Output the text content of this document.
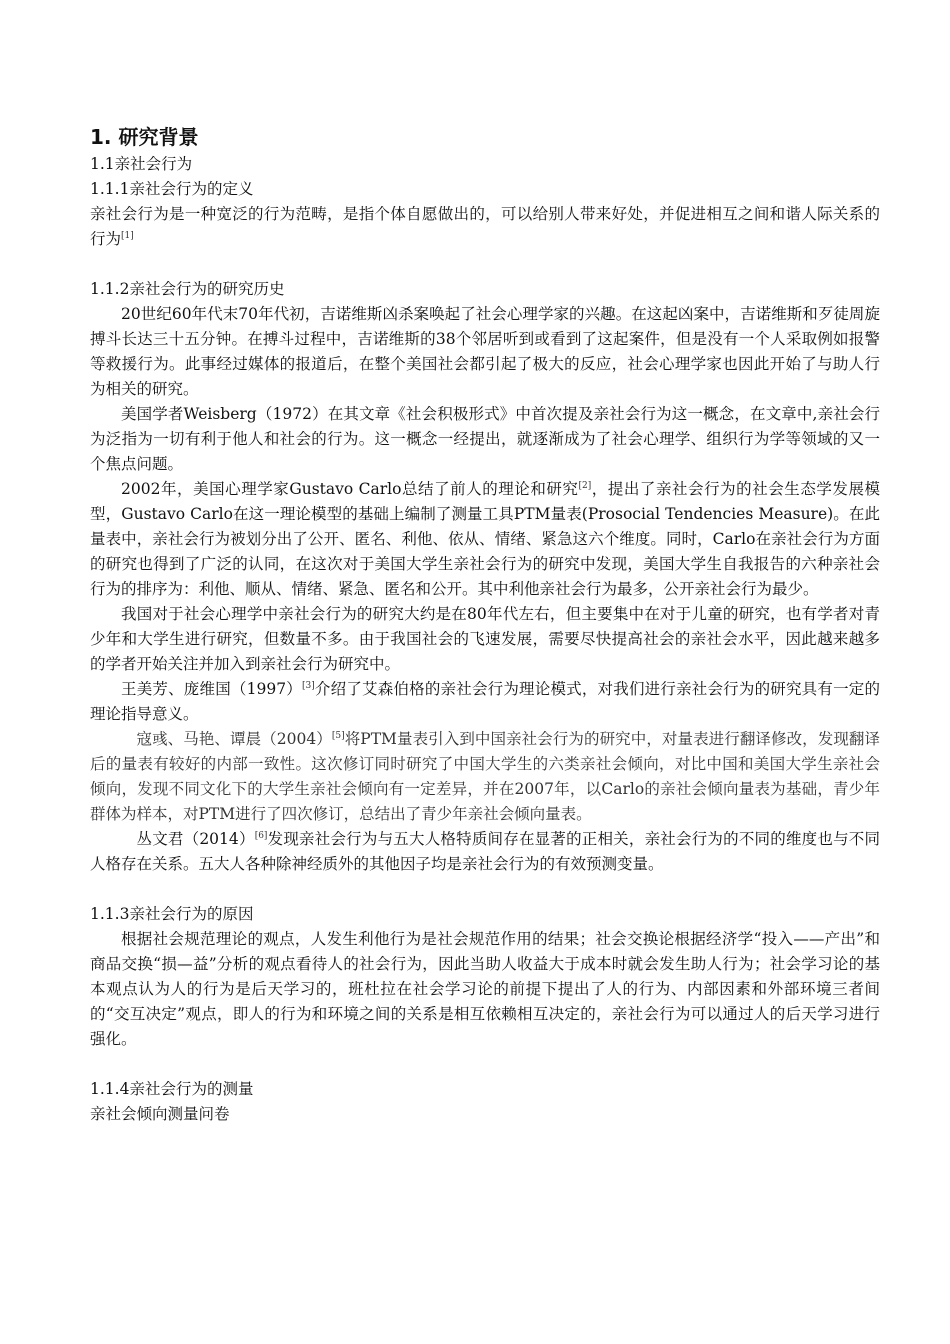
1. 研究背景
1.1亲社会行为
1.1.1亲社会行为的定义

亲社会行为是一种宽泛的行为范畴，是指个体自愿做出的，可以给别人带来好处，并促进相互之间和谐人际关系的行为[1]

1.1.2亲社会行为的研究历史

20世纪60年代末70年代初，吉诺维斯凶杀案唤起了社会心理学家的兴趣。在这起凶案中，吉诺维斯和歹徒周旋搏斗长达三十五分钟。在搏斗过程中，吉诺维斯的38个邻居听到或看到了这起案件，但是没有一个人采取例如报警等救援行为。此事经过媒体的报道后，在整个美国社会都引起了极大的反应，社会心理学家也因此开始了与助人行为相关的研究。

美国学者Weisberg（1972）在其文章《社会积极形式》中首次提及亲社会行为这一概念，在文章中,亲社会行为泛指为一切有利于他人和社会的行为。这一概念一经提出，就逐渐成为了社会心理学、组织行为学等领域的又一个焦点问题。

2002年，美国心理学家Gustavo Carlo总结了前人的理论和研究[2]，提出了亲社会行为的社会生态学发展模型，Gustavo Carlo在这一理论模型的基础上编制了测量工具PTM量表(Prosocial Tendencies Measure)。在此量表中，亲社会行为被划分出了公开、匿名、利他、依从、情绪、紧急这六个维度。同时，Carlo在亲社会行为方面的研究也得到了广泛的认同，在这次对于美国大学生亲社会行为的研究中发现，美国大学生自我报告的六种亲社会行为的排序为：利他、顺从、情绪、紧急、匿名和公开。其中利他亲社会行为最多，公开亲社会行为最少。

我国对于社会心理学中亲社会行为的研究大约是在80年代左右，但主要集中在对于儿童的研究，也有学者对青少年和大学生进行研究，但数量不多。由于我国社会的飞速发展，需要尽快提高社会的亲社会水平，因此越来越多的学者开始关注并加入到亲社会行为研究中。

王美芳、庞维国（1997）[3]介绍了艾森伯格的亲社会行为理论模式，对我们进行亲社会行为的研究具有一定的理论指导意义。

寇彧、马艳、谭晨（2004）[5]将PTM量表引入到中国亲社会行为的研究中，对量表进行翻译修改，发现翻译后的量表有较好的内部一致性。这次修订同时研究了中国大学生的六类亲社会倾向，对比中国和美国大学生亲社会倾向，发现不同文化下的大学生亲社会倾向有一定差异，并在2007年，以Carlo的亲社会倾向量表为基础，青少年群体为样本，对PTM进行了四次修订，总结出了青少年亲社会倾向量表。

丛文君（2014）[6]发现亲社会行为与五大人格特质间存在显著的正相关，亲社会行为的不同的维度也与不同人格存在关系。五大人各种除神经质外的其他因子均是亲社会行为的有效预测变量。

1.1.3亲社会行为的原因

根据社会规范理论的观点，人发生利他行为是社会规范作用的结果；社会交换论根据经济学“投入——产出”和商品交换“损—益”分析的观点看待人的社会行为，因此当助人收益大于成本时就会发生助人行为；社会学习论的基本观点认为人的行为是后天学习的，班杜拉在社会学习论的前提下提出了人的行为、内部因素和外部环境三者间的“交互决定”观点，即人的行为和环境之间的关系是相互依赖相互决定的，亲社会行为可以通过人的后天学习进行强化。

1.1.4亲社会行为的测量
亲社会倾向测量问卷
